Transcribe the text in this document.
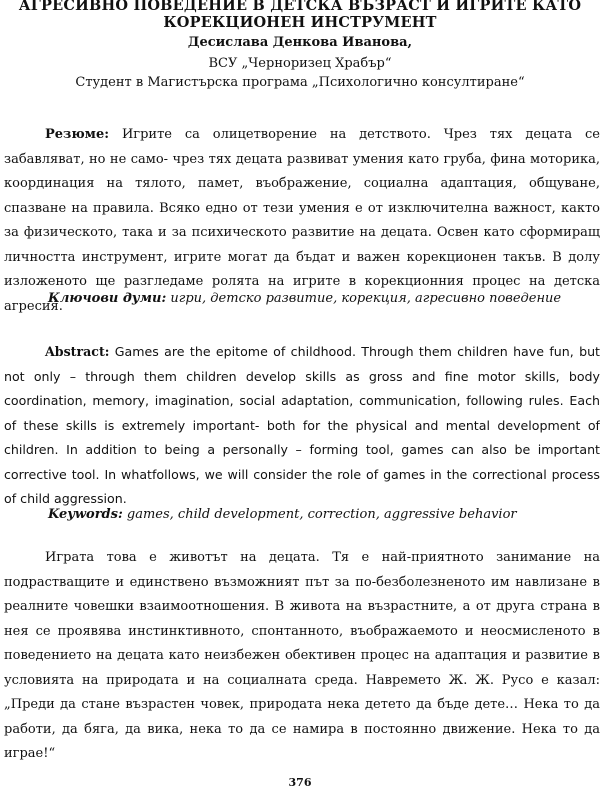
АГРЕСИВНО ПОВЕДЕНИЕ В ДЕТСКА ВЪЗРАСТ И ИГРИТЕ КАТО
КОРЕКЦИОНЕН ИНСТРУМЕНТ
Десислава Денкова Иванова,
ВСУ „Черноризец Храбър“
Студент в Магистърска програма „Психологично консултиране“

Резюме: Игрите са олицетворение на детството. Чрез тях децата се забавляват, но не само- чрез тях децата развиват умения като груба, фина моторика, координация на тялото, памет, въображение, социална адаптация, общуване, спазване на правила. Всяко едно от тези умения е от изключителна важност, както за физическото, така и за психическото развитие на децата. Освен като сформиращ личността инструмент, игрите могат да бъдат и важен корекционен такъв. В долу изложеното ще разгледаме ролята на игрите в корекционния процес на детска агресия.

Ключови думи: игри, детско развитие, корекция, агресивно поведение

Abstract: Games are the epitome of childhood. Through them children have fun, but not only – through them children develop skills as gross and fine motor skills, body coordination, memory, imagination, social adaptation, communication, following rules. Each of these skills is extremely important- both for the physical and mental development of children. In addition to being a personally – forming tool, games can also be important corrective tool. In whatfollows, we will consider the role of games in the correctional process of child aggression.

Keywords: games, child development, correction, aggressive behavior

Играта това е животът на децата. Тя е най-приятното занимание на подрастващите и единствено възможният път за по-безболезненото им навлизане в реалните човешки взаимоотношения. В живота на възрастните, а от друга страна в нея се проявява инстинктивното, спонтанното, въображаемото и неосмисленото в поведението на децата като неизбежен обективен процес на адаптация и развитие в условията на природата и на социалната среда. Навремето Ж. Ж. Русо е казал: „Преди да стане възрастен човек, природата нека детето да бъде дете… Нека то да работи, да бяга, да вика, нека то да се намира в постоянно движение. Нека то да играе!“

376
